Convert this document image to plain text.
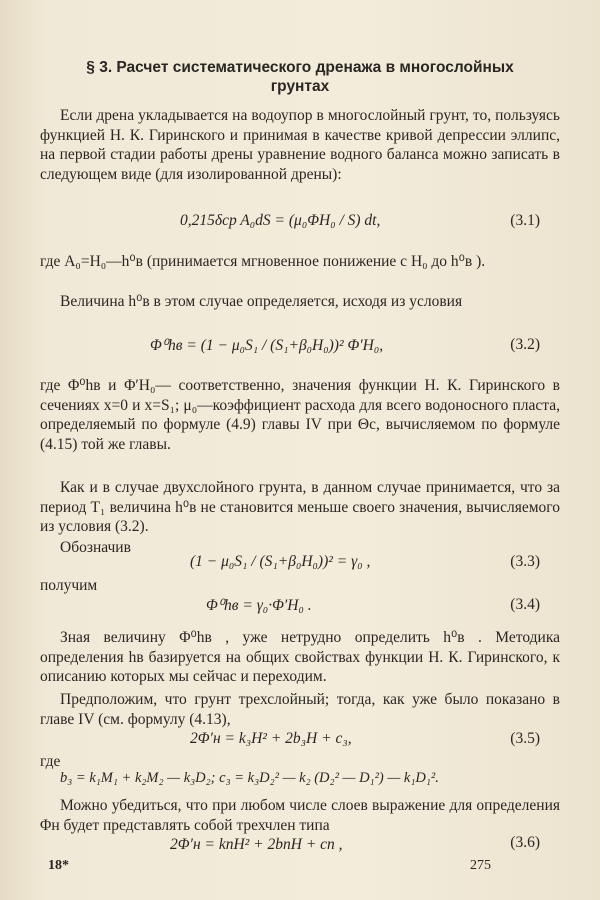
§ 3. Расчет систематического дренажа в многослойных
грунтах
Если дрена укладывается на водоупор в многослойный грунт, то, пользуясь функцией Н. К. Гиринского и принимая в качестве кривой депрессии эллипс, на первой стадии работы дрены уравнение водного баланса можно записать в следующем виде (для изолированной дрены):
0,215δcp A₀dS = (μ₀ΦH₀ / S) dt,	(3.1)
где A₀=H₀—h⁰в (принимается мгновенное понижение с H₀ до h⁰в ).
Величина h⁰в в этом случае определяется, исходя из условия
Φ⁰hв = (1 − μ₀S₁ / (S₁+β₀H₀))² Φ′H₀,	(3.2)
где Φ⁰hв и Φ′H₀— соответственно, значения функции Н. К. Гиринского в сечениях x=0 и x=S₁; μ₀—коэффициент расхода для всего водоносного пласта, определяемый по формуле (4.9) главы IV при Θc, вычисляемом по формуле (4.15) той же главы.
Как и в случае двухслойного грунта, в данном случае принимается, что за период T₁ величина h⁰в не становится меньше своего значения, вычисляемого из условия (3.2).
Обозначив
(1 − μ₀S₁ / (S₁+β₀H₀))² = γ₀ ,	(3.3)
получим
Φ⁰hв = γ₀·Φ′H₀ .	(3.4)
Зная величину Φ⁰hв , уже нетрудно определить h⁰в . Методика определения hв базируется на общих свойствах функции Н. К. Гиринского, к описанию которых мы сейчас и переходим.
Предположим, что грунт трехслойный; тогда, как уже было показано в главе IV (см. формулу (4.13),
2Φ′н = k₃H² + 2b₃H + c₃,	(3.5)
где
b₃ = k₁M₁ + k₂M₂ — k₃D₂; c₃ = k₃D₂² — k₂ (D₂² — D₁²) — k₁D₁².
Можно убедиться, что при любом числе слоев выражение для определения Φн будет представлять собой трехчлен типа
2Φ′н = knH² + 2bnH + cn ,	(3.6)
18*	275
